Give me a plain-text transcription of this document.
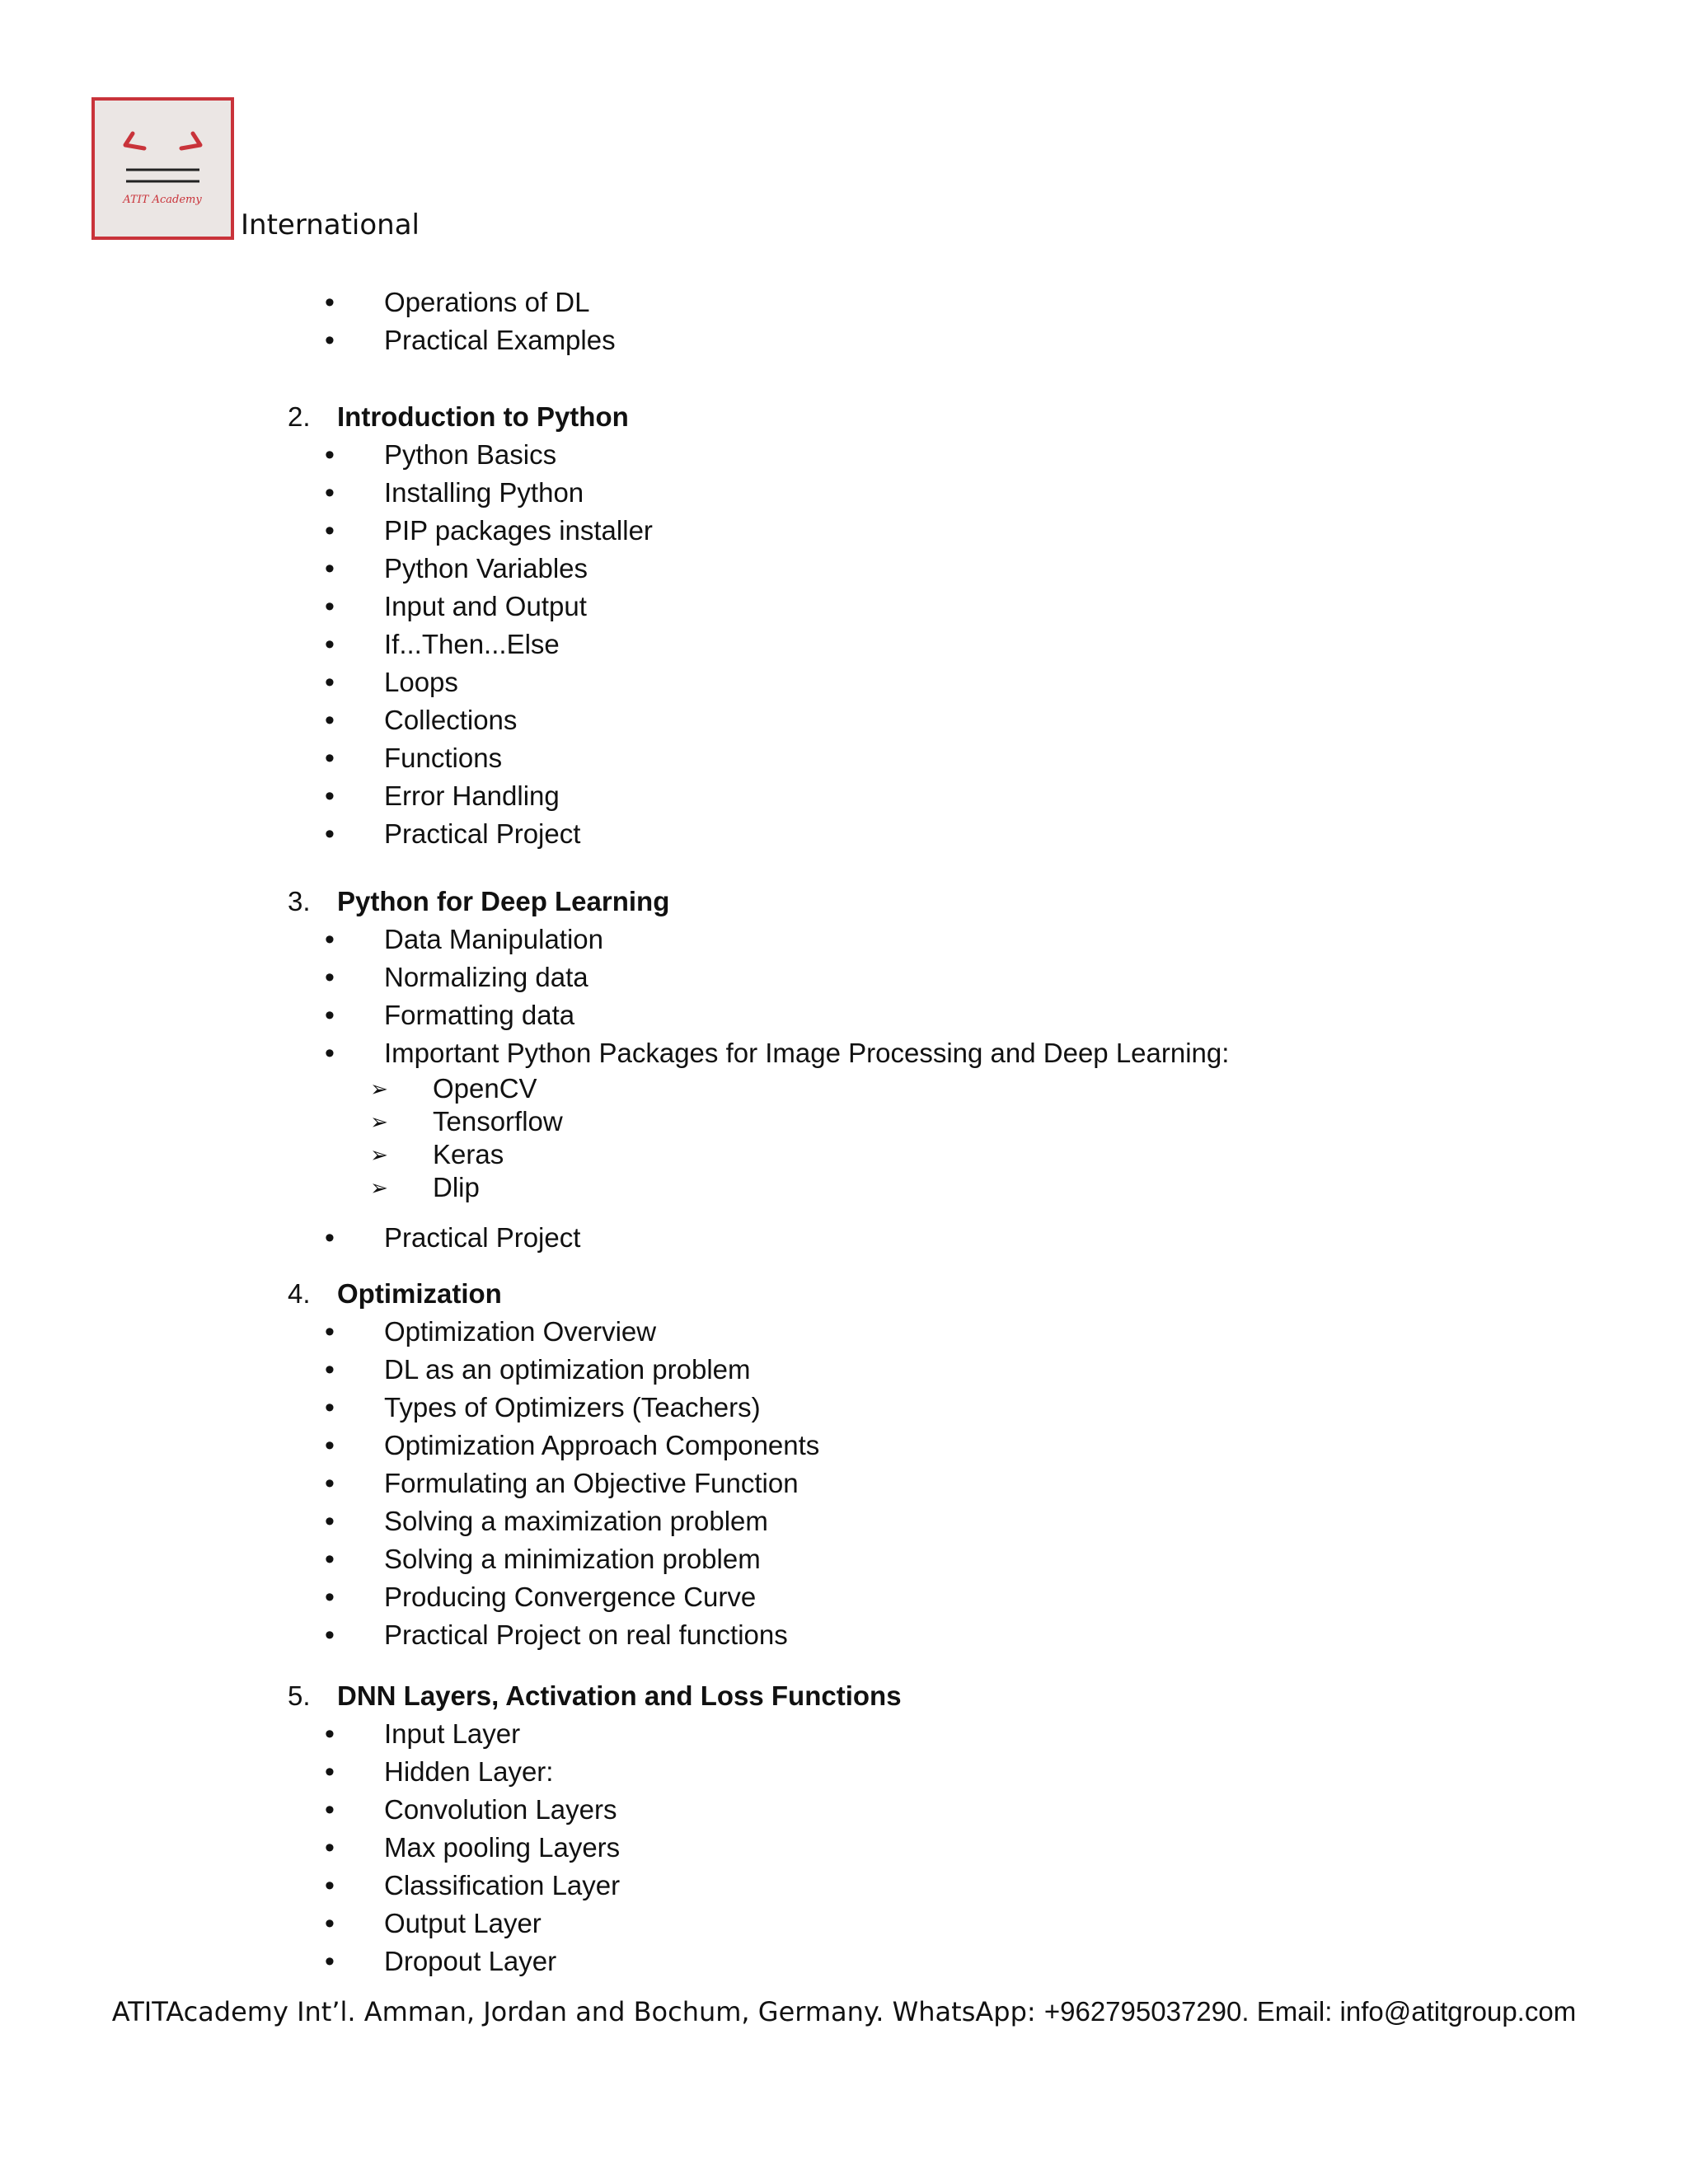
ATIT Academy
International
•	Operations of DL
•	Practical Examples
2. Introduction to Python
•	Python Basics
•	Installing Python
•	PIP packages installer
•	Python Variables
•	Input and Output
•	If...Then...Else
•	Loops
•	Collections
•	Functions
•	Error Handling
•	Practical Project
3. Python for Deep Learning
•	Data Manipulation
•	Normalizing data
•	Formatting data
•	Important Python Packages for Image Processing and Deep Learning:
➢ OpenCV
➢ Tensorflow
➢ Keras
➢ Dlip
•	Practical Project
4. Optimization
•	Optimization Overview
•	DL as an optimization problem
•	Types of Optimizers (Teachers)
•	Optimization Approach Components
•	Formulating an Objective Function
•	Solving a maximization problem
•	Solving a minimization problem
•	Producing Convergence Curve
•	Practical Project on real functions
5. DNN Layers, Activation and Loss Functions
•	Input Layer
•	Hidden Layer:
•	Convolution Layers
•	Max pooling Layers
•	Classification Layer
•	Output Layer
•	Dropout Layer
ATITAcademy Int’l. Amman, Jordan and Bochum, Germany. WhatsApp: +962795037290. Email: info@atitgroup.com
